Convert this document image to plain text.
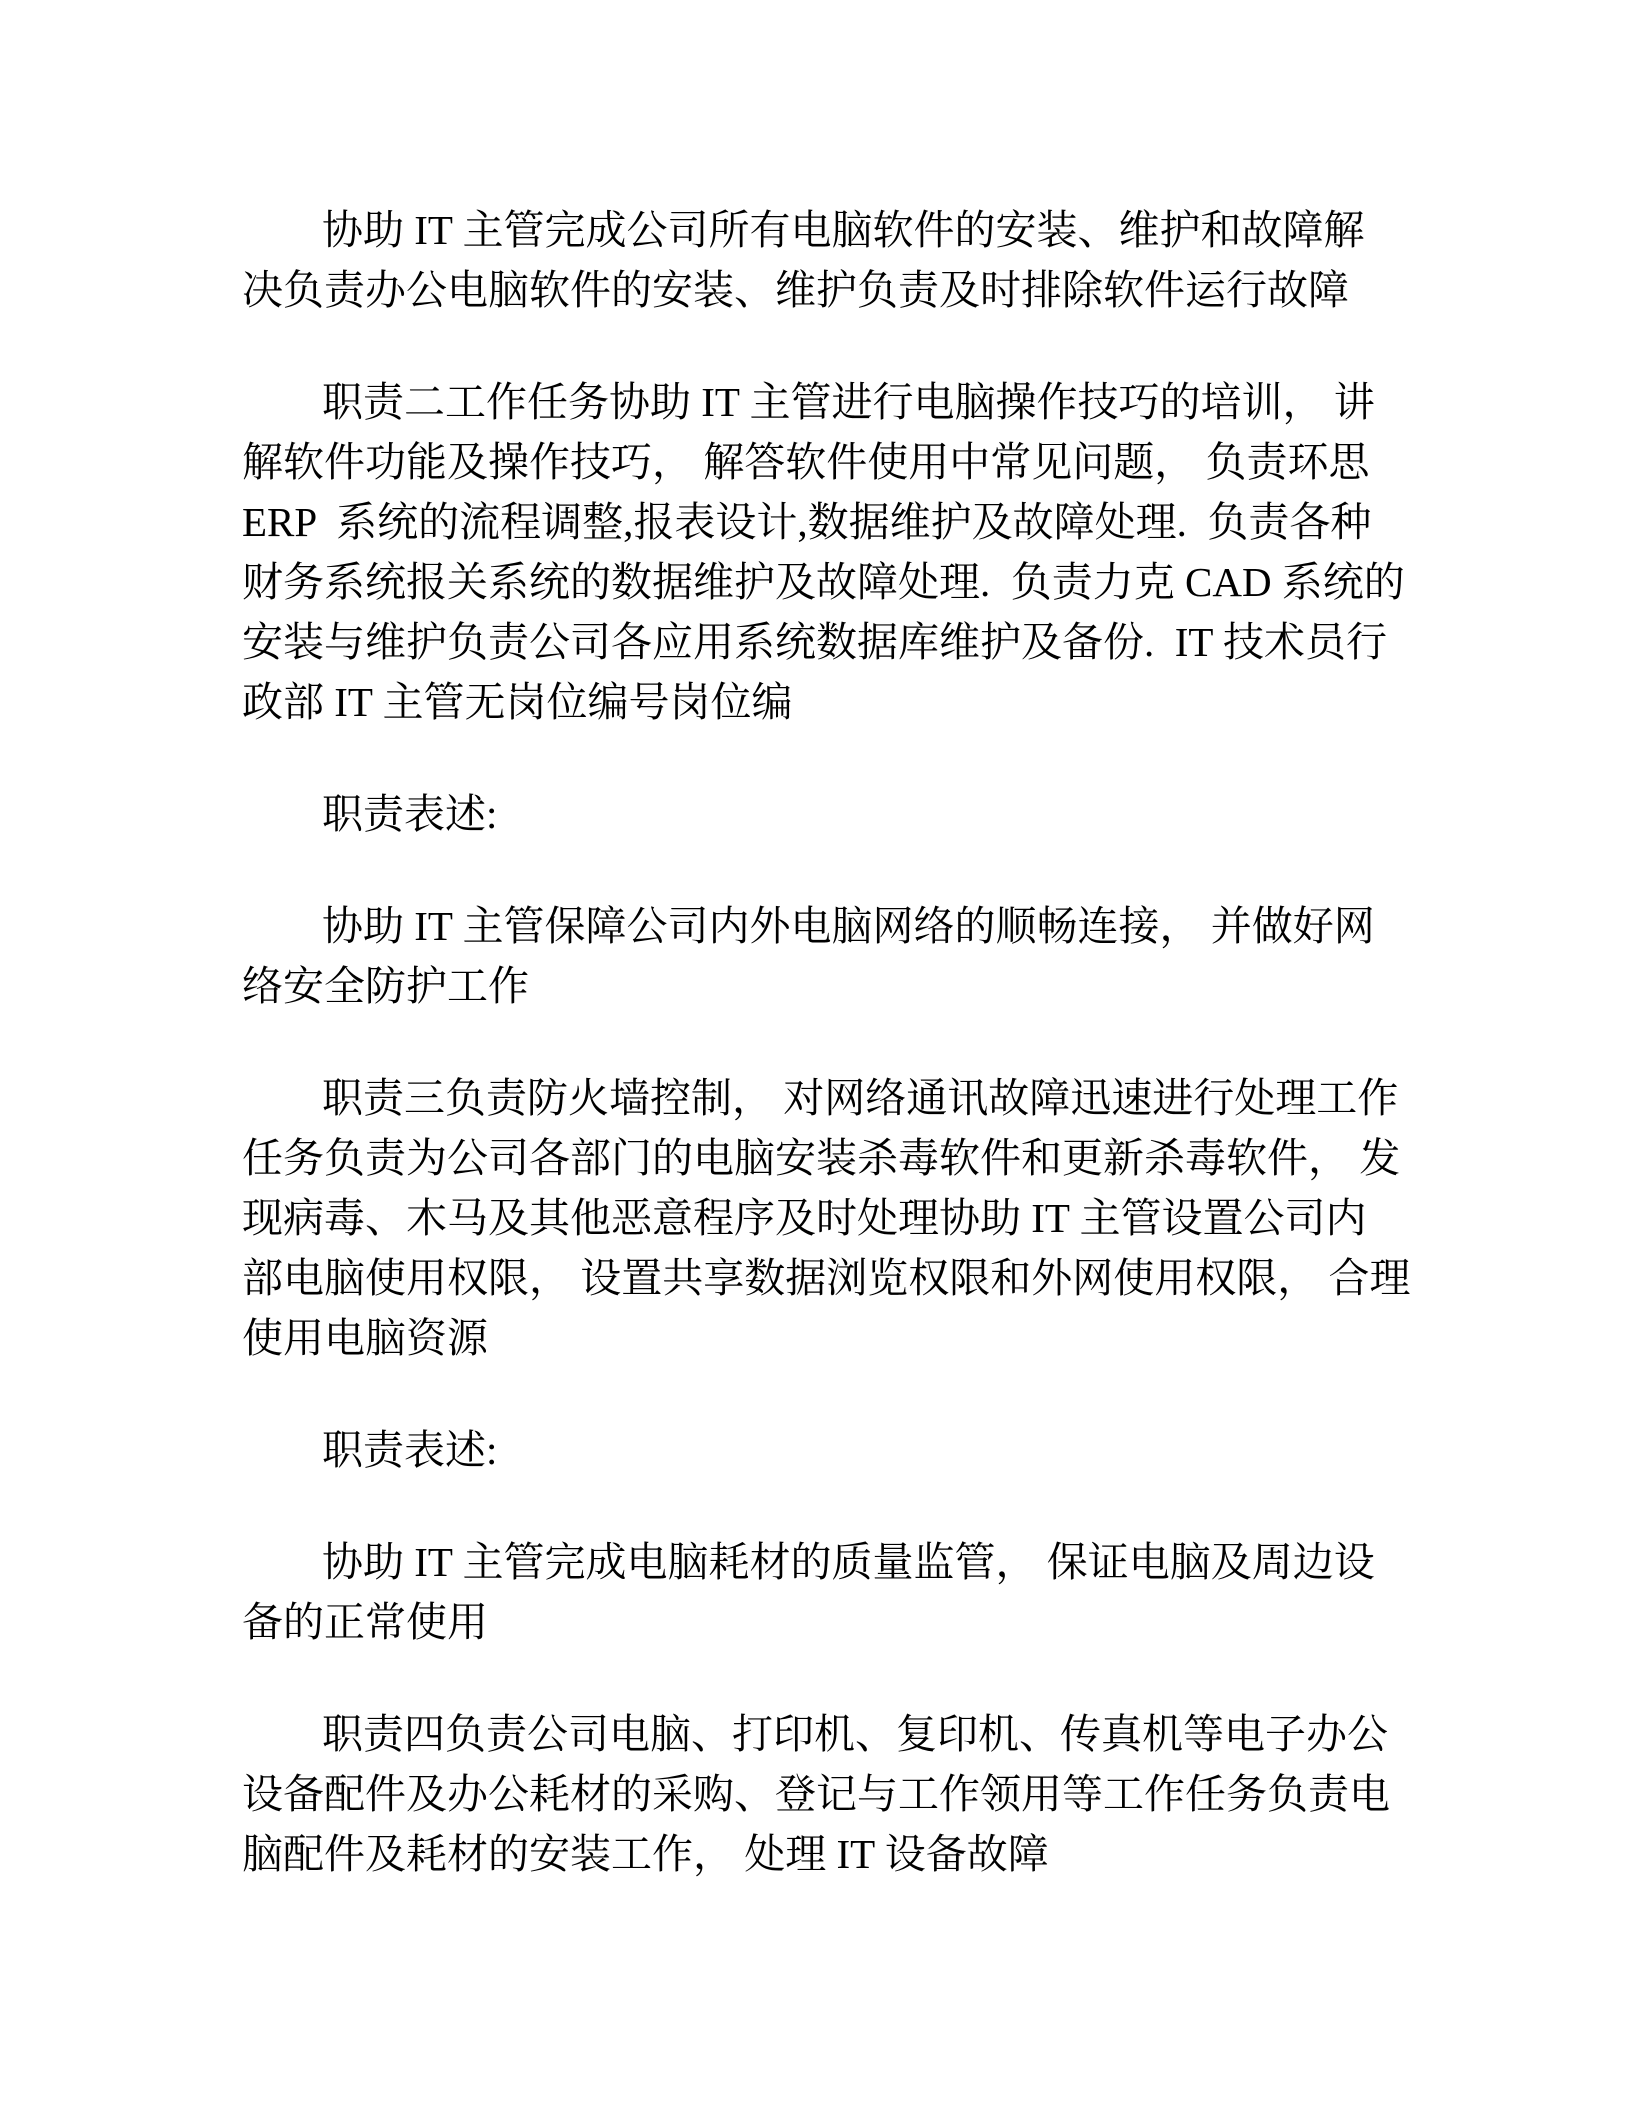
协助 IT 主管完成公司所有电脑软件的安装、维护和故障解
决负责办公电脑软件的安装、维护负责及时排除软件运行故障
职责二工作任务协助 IT 主管进行电脑操作技巧的培训， 讲
解软件功能及操作技巧， 解答软件使用中常见问题， 负责环思
ERP  系统的流程调整,报表设计,数据维护及故障处理.  负责各种
财务系统报关系统的数据维护及故障处理.  负责力克 CAD 系统的
安装与维护负责公司各应用系统数据库维护及备份.  IT 技术员行
政部 IT 主管无岗位编号岗位编
职责表述:
协助 IT 主管保障公司内外电脑网络的顺畅连接， 并做好网
络安全防护工作
职责三负责防火墙控制， 对网络通讯故障迅速进行处理工作
任务负责为公司各部门的电脑安装杀毒软件和更新杀毒软件， 发
现病毒、木马及其他恶意程序及时处理协助 IT 主管设置公司内
部电脑使用权限， 设置共享数据浏览权限和外网使用权限， 合理
使用电脑资源
职责表述:
协助 IT 主管完成电脑耗材的质量监管， 保证电脑及周边设
备的正常使用
职责四负责公司电脑、打印机、复印机、传真机等电子办公
设备配件及办公耗材的采购、登记与工作领用等工作任务负责电
脑配件及耗材的安装工作， 处理 IT 设备故障
